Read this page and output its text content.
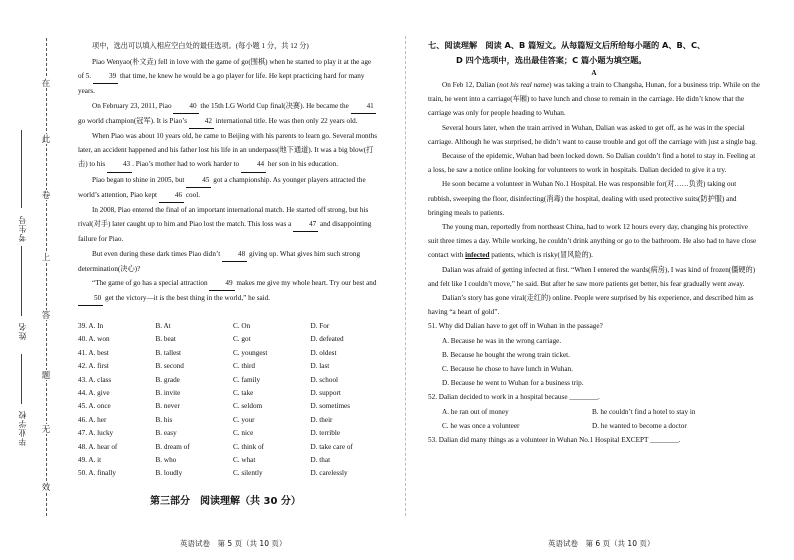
在
此
卷
上
答
题
无
效
考生号
姓名
毕业学校

项中，选出可以填入相应空白处的最佳选项。(每小题 1 分，共 12 分)

Piao Wenyao(朴文垚) fell in love with the game of go(围棋) when he started to play it at the age of 5. 39 that time, he knew he would be a go player for life. He kept practicing hard for many years.

On February 23, 2011, Piao 40 the 15th LG World Cup final(决赛). He became the 41 go world champion(冠军). It is Piao’s 42 international title. He was then only 22 years old.

When Piao was about 10 years old, he came to Beijing with his parents to learn go. Several months later, an accident happened and his father lost his life in an underpass(地下通道). It was a big blow(打击) to his 43 . Piao’s mother had to work harder to 44 her son in his education.

Piao began to shine in 2005, but 45 got a championship. As younger players attracted the world’s attention, Piao kept 46 cool.

In 2008, Piao entered the final of an important international match. He started off strong, but his rival(对手) later caught up to him and Piao lost the match. This loss was a 47 and disappointing failure for Piao.

But even during these dark times Piao didn’t 48 giving up. What gives him such strong determination(决心)?

“The game of go has a special attraction 49 makes me give my whole heart. Try our best and 50 get the victory—it is the best thing in the world,” he said.

39. A. In	B. At	C. On	D. For
40. A. won	B. beat	C. got	D. defeated
41. A. best	B. tallest	C. youngest	D. oldest
42. A. first	B. second	C. third	D. last
43. A. class	B. grade	C. family	D. school
44. A. give	B. invite	C. take	D. support
45. A. once	B. never	C. seldom	D. sometimes
46. A. her	B. his	C. your	D. their
47. A. lucky	B. easy	C. nice	D. terrible
48. A. hear of	B. dream of	C. think of	D. take care of
49. A. it	B. who	C. what	D. that
50. A. finally	B. loudly	C. silently	D. carelessly
第三部分　阅读理解（共 30 分）
英语试卷　第 5 页（共 10 页）

七、阅读理解　阅读 A、B 篇短文。从每篇短文后所给每小题的 A、B、C、

D 四个选项中，选出最佳答案；C 篇小题为填空题。

A

On Feb 12, Dalian (not his real name) was taking a train to Changsha, Hunan, for a business trip. While on the train, he went into a carriage(车厢) to have lunch and chose to remain in the carriage. He didn’t know that the carriage was only for people heading to Wuhan.

Several hours later, when the train arrived in Wuhan, Dalian was asked to get off, as he was in the special carriage. Although he was surprised, he didn’t want to cause trouble and got off the carriage with just a single bag.

Because of the epidemic, Wuhan had been locked down. So Dalian couldn’t find a hotel to stay in. Feeling at a loss, he saw a notice online looking for volunteers to work in hospitals. Dalian decided to give it a try.

He soon became a volunteer in Wuhan No.1 Hospital. He was responsible for(对……负责) taking out rubbish, sweeping the floor, disinfecting(消毒) the hospital, dealing with used protective suits(防护服) and bringing meals to patients.

The young man, reportedly from northeast China, had to work 12 hours every day, changing his protective suit three times a day. While working, he couldn’t drink anything or go to the bathroom. He also had to have close contact with infected patients, which is risky(冒风险的).

Dalian was afraid of getting infected at first. “When I entered the wards(病房), I was kind of frozen(僵硬的) and felt like I couldn’t move,” he said. But after he saw more patients get better, his fear gradually went away.

Dalian’s story has gone viral(走红的) online. People were surprised by his experience, and described him as having “a heart of gold”.

51. Why did Dalian have to get off in Wuhan in the passage?

A. Because he was in the wrong carriage.

B. Because he bought the wrong train ticket.

C. Because he chose to have lunch in Wuhan.

D. Because he went to Wuhan for a business trip.

52. Dalian decided to work in a hospital because ________.

A. he ran out of money	B. he couldn’t find a hotel to stay in
C. he was once a volunteer	D. he wanted to become a doctor

53. Dalian did many things as a volunteer in Wuhan No.1 Hospital EXCEPT ________.

英语试卷　第 6 页（共 10 页）
